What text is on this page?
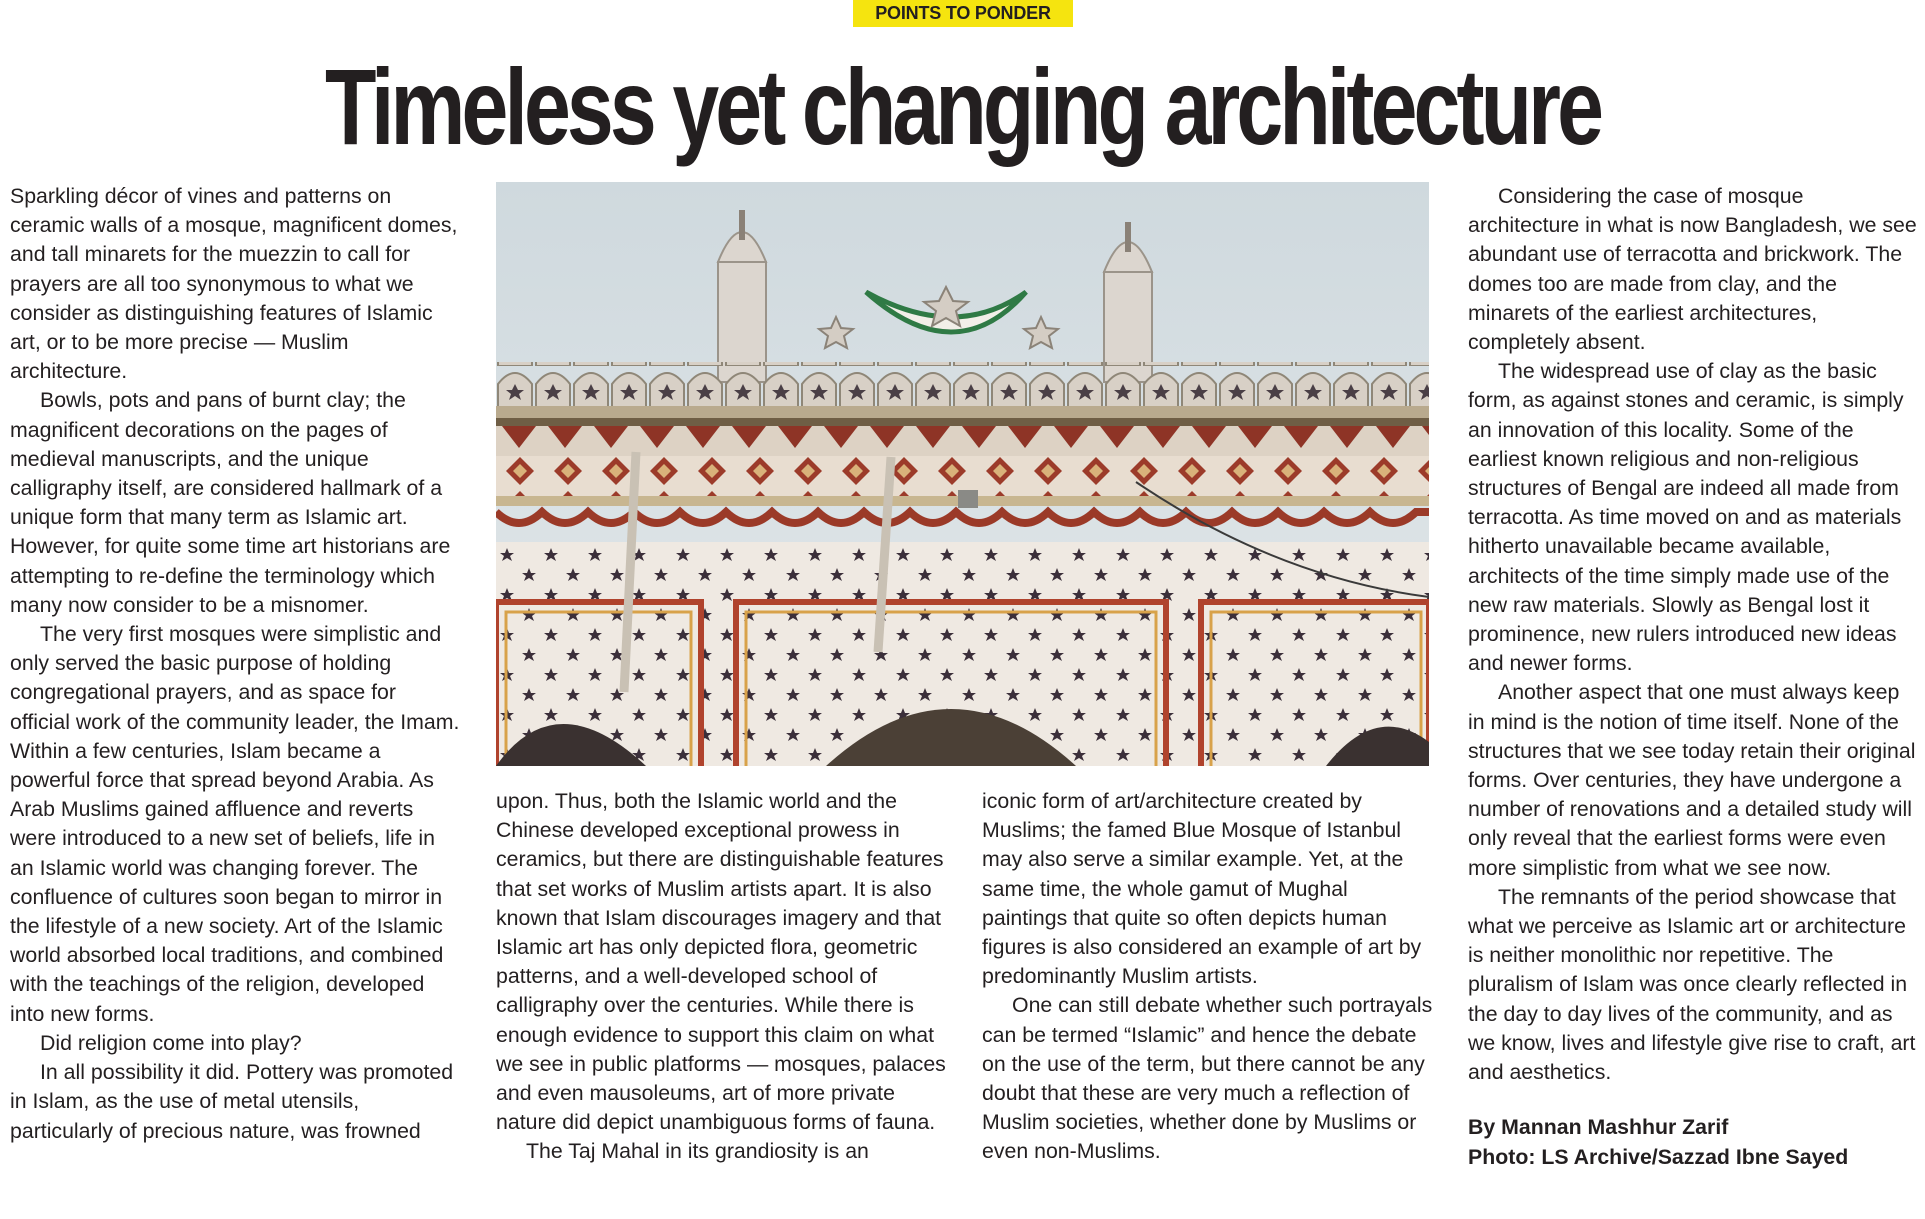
POINTS TO PONDER
Timeless yet changing architecture

Sparkling décor of vines and patterns on ceramic walls of a mosque, magnificent domes, and tall minarets for the muezzin to call for prayers are all too synonymous to what we consider as distinguishing features of Islamic art, or to be more precise — Muslim architecture.

Bowls, pots and pans of burnt clay; the magnificent decorations on the pages of medieval manuscripts, and the unique calligraphy itself, are considered hallmark of a unique form that many term as Islamic art. However, for quite some time art historians are attempting to re-define the terminology which many now consider to be a misnomer.

The very first mosques were simplistic and only served the basic purpose of holding congregational prayers, and as space for official work of the community leader, the Imam. Within a few centuries, Islam became a powerful force that spread beyond Arabia. As Arab Muslims gained affluence and reverts were introduced to a new set of beliefs, life in an Islamic world was changing forever. The confluence of cultures soon began to mirror in the lifestyle of a new society. Art of the Islamic world absorbed local traditions, and combined with the teachings of the religion, developed into new forms.

Did religion come into play?

In all possibility it did. Pottery was promoted in Islam, as the use of metal utensils, particularly of precious nature, was frowned

upon. Thus, both the Islamic world and the Chinese developed exceptional prowess in ceramics, but there are distinguishable features that set works of Muslim artists apart. It is also known that Islam discourages imagery and that Islamic art has only depicted flora, geometric patterns, and a well-developed school of calligraphy over the centuries. While there is enough evidence to support this claim on what we see in public platforms — mosques, palaces and even mausoleums, art of more private nature did depict unambiguous forms of fauna.

The Taj Mahal in its grandiosity is an

iconic form of art/architecture created by Muslims; the famed Blue Mosque of Istanbul may also serve a similar example. Yet, at the same time, the whole gamut of Mughal paintings that quite so often depicts human figures is also considered an example of art by predominantly Muslim artists.

One can still debate whether such portrayals can be termed “Islamic” and hence the debate on the use of the term, but there cannot be any doubt that these are very much a reflection of Muslim societies, whether done by Muslims or even non-Muslims.

Considering the case of mosque architecture in what is now Bangladesh, we see abundant use of terracotta and brickwork. The domes too are made from clay, and the minarets of the earliest architectures, completely absent.

The widespread use of clay as the basic form, as against stones and ceramic, is simply an innovation of this locality. Some of the earliest known religious and non-religious structures of Bengal are indeed all made from terracotta. As time moved on and as materials hitherto unavailable became available, architects of the time simply made use of the new raw materials. Slowly as Bengal lost it prominence, new rulers introduced new ideas and newer forms.

Another aspect that one must always keep in mind is the notion of time itself. None of the structures that we see today retain their original forms. Over centuries, they have undergone a number of renovations and a detailed study will only reveal that the earliest forms were even more simplistic from what we see now.

The remnants of the period showcase that what we perceive as Islamic art or architecture is neither monolithic nor repetitive. The pluralism of Islam was once clearly reflected in the day to day lives of the community, and as we know, lives and lifestyle give rise to craft, art and aesthetics.

By Mannan Mashhur Zarif

Photo: LS Archive/Sazzad Ibne Sayed
